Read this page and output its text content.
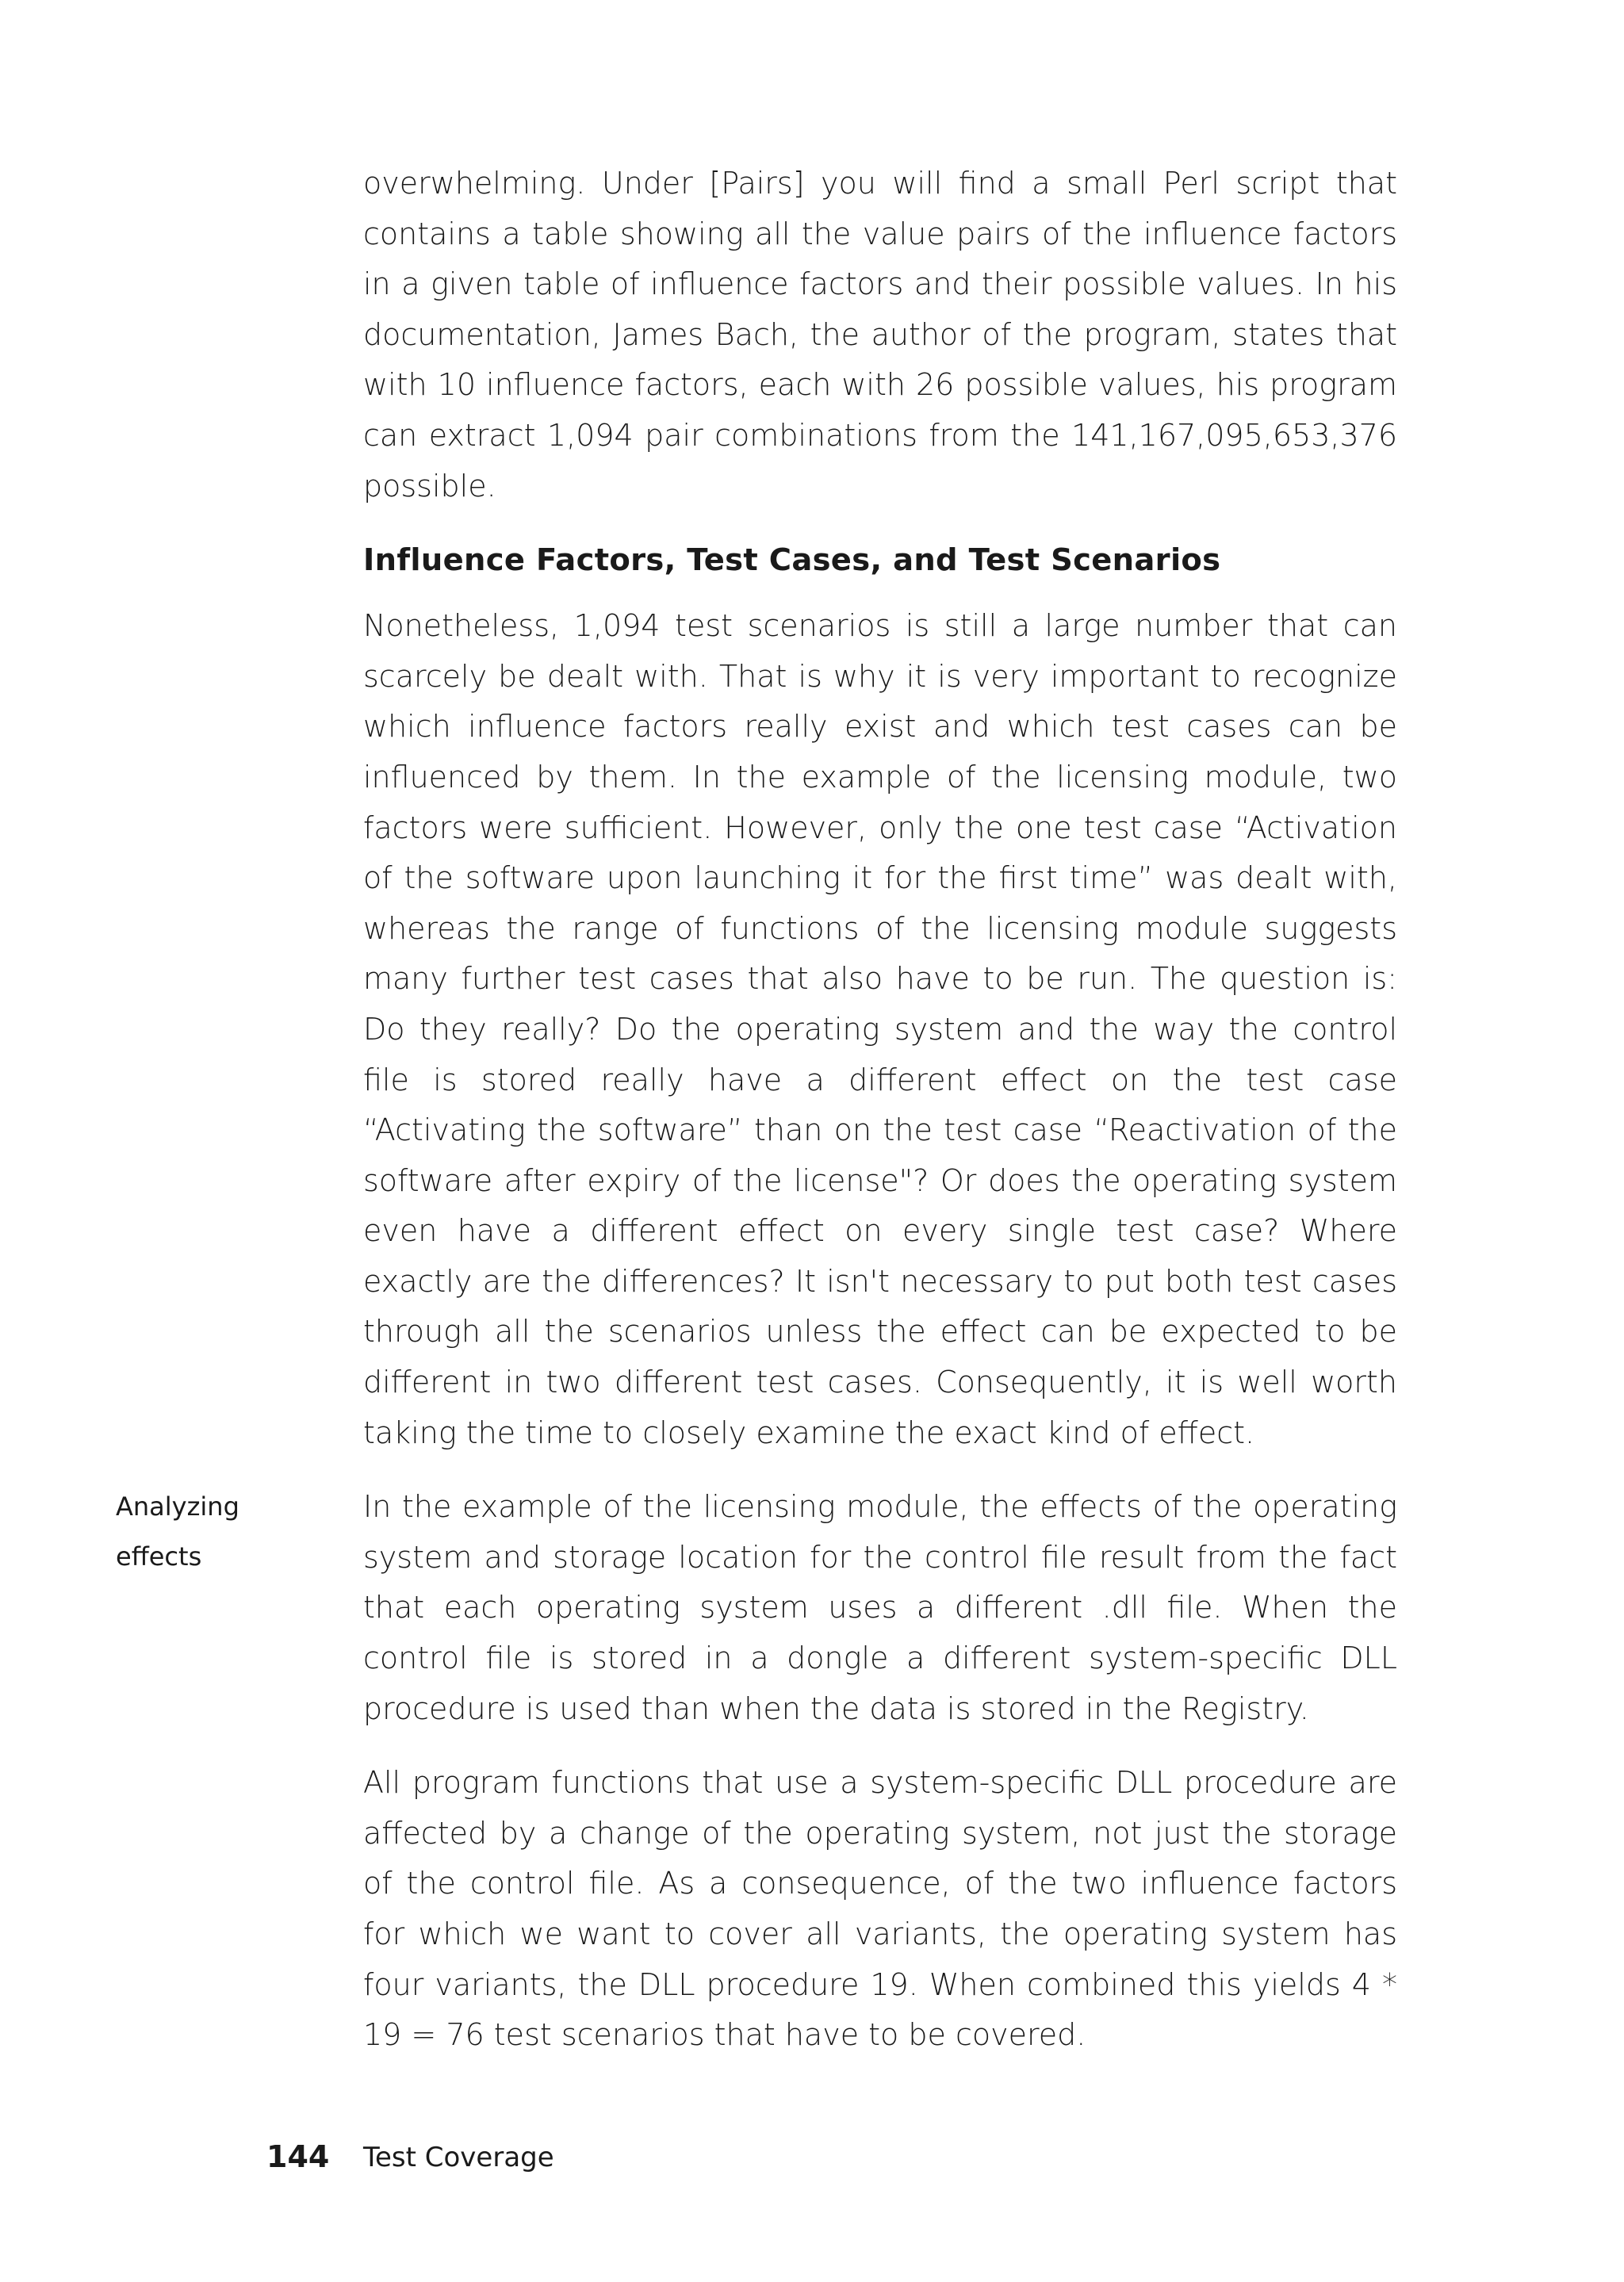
overwhelming. Under [Pairs] you will find a small Perl script that contains a table showing all the value pairs of the influence factors in a given table of influence factors and their possible values. In his documentation, James Bach, the author of the program, states that with 10 influence factors, each with 26 possible values, his program can extract 1,094 pair combinations from the 141,167,095,653,376 possible.

Influence Factors, Test Cases, and Test Scenarios

Nonetheless, 1,094 test scenarios is still a large number that can scarcely be dealt with. That is why it is very important to recognize which influence factors really exist and which test cases can be influenced by them. In the example of the licensing module, two factors were sufficient. However, only the one test case “Activation of the software upon launching it for the first time” was dealt with, whereas the range of functions of the licensing module suggests many further test cases that also have to be run. The question is: Do they really? Do the operating system and the way the control file is stored really have a different effect on the test case “Activating the software” than on the test case “Reactivation of the software after expiry of the license"? Or does the operating system even have a different effect on every single test case? Where exactly are the differences? It isn't necessary to put both test cases through all the scenarios unless the effect can be expected to be different in two different test cases. Consequently, it is well worth taking the time to closely examine the exact kind of effect.

In the example of the licensing module, the effects of the operating system and storage location for the control file result from the fact that each operating system uses a different .dll file. When the control file is stored in a dongle a different system-specific DLL procedure is used than when the data is stored in the Registry.

All program functions that use a system-specific DLL procedure are affected by a change of the operating system, not just the storage of the control file. As a consequence, of the two influence factors for which we want to cover all variants, the operating system has four variants, the DLL procedure 19. When combined this yields 4 * 19 = 76 test scenarios that have to be covered.

Analyzing effects
144 Test Coverage
